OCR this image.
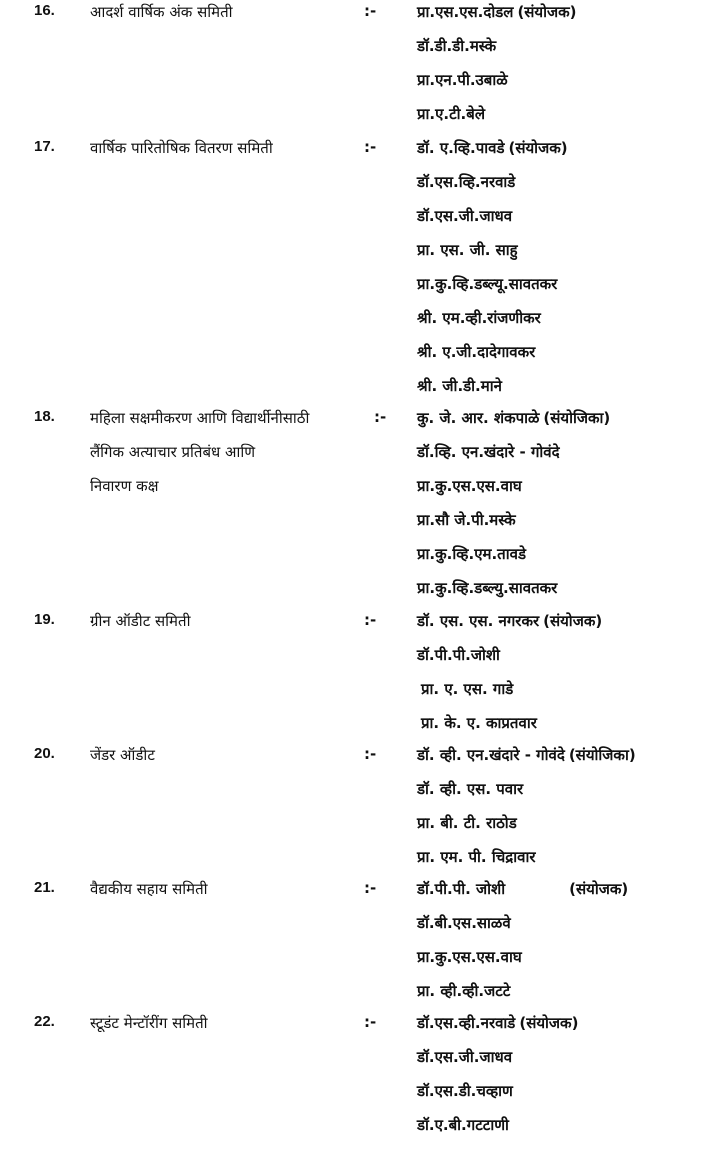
16. आदर्श वार्षिक अंक समिती	:-	प्रा.एस.एस.दोडल (संयोजक)
डॉ.डी.डी.मस्के
प्रा.एन.पी.उबाळे
प्रा.ए.टी.बेले
17. वार्षिक पारितोषिक वितरण समिती	:-	डॉ. ए.व्हि.पावडे (संयोजक)
डॉ.एस.व्हि.नरवाडे
डॉ.एस.जी.जाधव
प्रा. एस. जी. साहु
प्रा.कु.व्हि.डब्ल्यू.सावतकर
श्री. एम.व्ही.रांजणीकर
श्री. ए.जी.दादेगावकर
श्री. जी.डी.माने
18. महिला सक्षमीकरण आणि विद्यार्थीनीसाठी
लैंगिक अत्याचार प्रतिबंध आणि
निवारण कक्ष
:- कु. जे. आर. शंकपाळे (संयोजिका)
डॉ.व्हि. एन.खंदारे - गोवंदे
प्रा.कु.एस.एस.वाघ
प्रा.सौ जे.पी.मस्के
प्रा.कु.व्हि.एम.तावडे
प्रा.कु.व्हि.डब्ल्यु.सावतकर
19. ग्रीन ऑडीट समिती	:-	डॉ. एस. एस. नगरकर (संयोजक)
डॉ.पी.पी.जोशी
प्रा. ए. एस. गाडे
प्रा. के. ए. काप्रतवार
20. जेंडर ऑडीट	:-	डॉ. व्ही. एन.खंदारे - गोवंदे (संयोजिका)
डॉ. व्ही. एस. पवार
प्रा. बी. टी. राठोड
प्रा. एम. पी. चिद्रावार
21. वैद्यकीय सहाय समिती	:-	डॉ.पी.पी. जोशी	(संयोजक)
डॉ.बी.एस.साळवे
प्रा.कु.एस.एस.वाघ
प्रा. व्ही.व्ही.जटटे
22. स्टूडंट मेन्टॉरींग समिती	:-	डॉ.एस.व्ही.नरवाडे (संयोजक)
डॉ.एस.जी.जाधव
डॉ.एस.डी.चव्हाण
डॉ.ए.बी.गटटाणी
